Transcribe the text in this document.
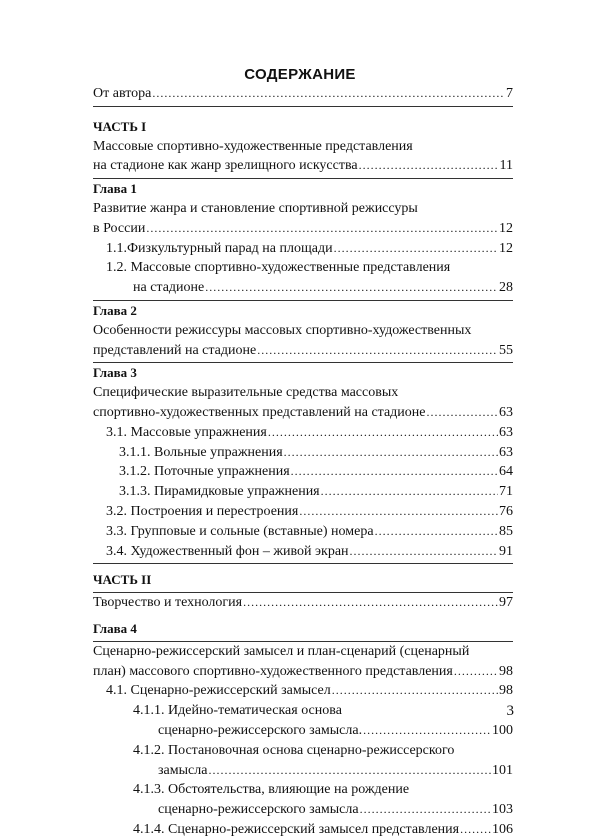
СОДЕРЖАНИЕ
От автора .....	7
ЧАСТЬ I
Массовые спортивно-художественные представления
на стадионе как жанр зрелищного искусства .....	11
Глава 1
Развитие жанра и становление спортивной режиссуры
в России .....	12
1.1.Физкультурный парад на площади .....	12
1.2. Массовые спортивно-художественные представления
на стадионе .....	28
Глава 2
Особенности режиссуры массовых спортивно-художественных
представлений на стадионе .....	55
Глава 3
Специфические выразительные средства массовых
спортивно-художественных представлений на стадионе .....	63
3.1. Массовые упражнения .....	63
3.1.1. Вольные упражнения .....	63
3.1.2. Поточные упражнения .....	64
3.1.3. Пирамидковые упражнения .....	71
3.2. Построения и перестроения .....	76
3.3. Групповые и сольные (вставные) номера .....	85
3.4. Художественный фон – живой экран .....	91
ЧАСТЬ II
Творчество и технология .....	97
Глава 4
Сценарно-режиссерский замысел и план-сценарий (сценарный
план) массового спортивно-художественного представления .....	98
4.1. Сценарно-режиссерский замысел .....	98
4.1.1. Идейно-тематическая основа
сценарно-режиссерского замысла. .....	100
4.1.2. Постановочная основа сценарно-режиссерского
замысла .....	101
4.1.3. Обстоятельства, влияющие на рождение
сценарно-режиссерского замысла .....	103
4.1.4. Сценарно-режиссерский замысел представления ..... 106
3
